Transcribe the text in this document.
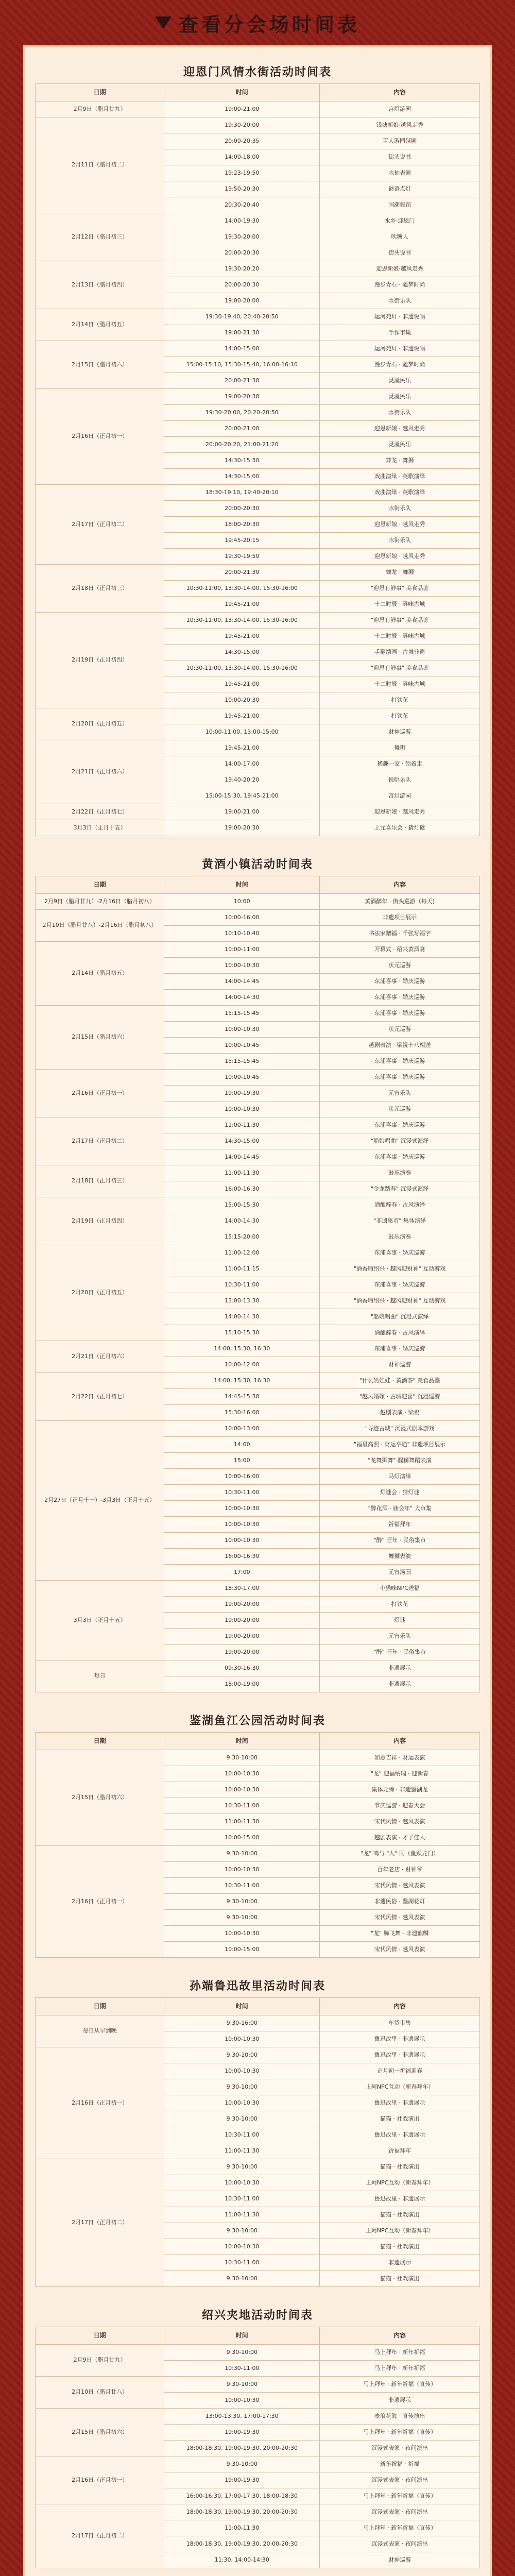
查看分会场时间表
迎恩门风情水街活动时间表
日期	时间	内容
2月9日（腊月廿九）	19:00-21:00	宫灯游园
2月11日（腊月初二）	19:30-20:00	钱塘新娘·越风走秀
	20:00-20:35	百人游园越剧
	14:00-18:00	街头说书
	19:23-19:50	水袖表演
	19:50-20:30	谜语点灯
	20:30-20:40	国潮舞蹈
2月12日（腊月初三）	14:00-19:30	水乡·迎恩门
	19:30-20:00	吹糖人
	20:00-20:30	街头说书
2月13日（腊月初四）	19:30-20:20	迎恩新娘·越风走秀
	20:00-20:30	漫步青石 · 驰梦时尚
	19:00-20:00	水街乐队
2月14日（腊月初五）	19:30-19:40, 20:40-20:50	运河苑灯 · 非遗说唱
	19:00-21:30	手作市集
2月15日（腊月初六）	14:00-15:00	运河苑灯 · 非遗说唱
	15:00-15:10, 15:30-15:40, 16:00-16:10	漫步青石 · 驰梦时尚
	20:00-21:30	灵溪民乐
2月16日（正月初一）	19:00-20:30	灵溪民乐
	19:30-20:00, 20:20-20:50	水街乐队
	20:00-21:00	迎恩新娘 · 越风走秀
	20:00-20:20, 21:00-21:20	灵溪民乐
	14:30-15:30	舞龙 · 舞狮
	14:30-15:00	戏曲演绎 · 英歌演绎
2月17日（正月初二）	18:30-19:10, 19:40-20:10	戏曲演绎 · 英歌演绎
	20:00-20:30	水街乐队
	18:00-20:30	迎恩新娘 · 越风走秀
	19:45-20:15	水街乐队
	19:30-19:50	迎恩新娘 · 越风走秀
2月18日（正月初三）	20:00-21:30	舞龙 · 舞狮
	10:30-11:00, 13:30-14:00, 15:30-16:00	"迎恩有鲜事" 美食品鉴
	19:45-21:00	十二时辰 · 寻味古城
2月19日（正月初四）	10:30-11:00, 13:30-14:00, 15:30-16:00	"迎恩有鲜事" 美食品鉴
	19:45-21:00	十二时辰 · 寻味古城
	14:30-15:00	手翻绣画 · 古城非遗
	10:30-11:00, 13:30-14:00, 15:30-16:00	"迎恩有鲜事" 美食品鉴
	19:45-21:00	十二时辰 · 寻味古城
	10:00-20:30	打铁花
2月20日（正月初五）	19:45-21:00	打铁花
	10:00-11:00, 13:00-15:00	财神巡游
2月21日（正月初六）	19:45-21:00	舞狮
	14:00-17:00	稀趣一家 · 领着走
	19:40-20:20	说唱乐队
	15:00-15:30, 19:45-21:00	宫灯游园
2月22日（正月初七）	19:00-21:00	迎恩新娘 · 越风走秀
3月3日（正月十五）	19:00-20:30	上元喜乐会 · 猜灯谜
黄酒小镇活动时间表
日期	时间	内容
2月9日（腊月廿九）-2月16日（腊月初八）	10:00	黄酒醉年 · 街头巡游（每天)
2月10日（腊月廿八）-2月16日（腊月初八）	10:00-16:00	非遗项目展示
	10:10-10:40	书法家赠福 · 千张写福字
2月14日（腊月初五）	10:00-11:00	开幕式 · 绍兴黄酒宴
	10:00-10:30	状元巡游
	14:00-14:45	东浦喜事 · 婚庆巡游
	14:00-14:30	东浦喜事 · 婚庆巡游
2月15日（腊月初六）	15:15-15:45	东浦喜事 · 婚庆巡游
	10:00-10:30	状元巡游
	10:00-10:45	越剧表演 · 梁祝十八相送
	15:15-15:45	东浦喜事 · 婚庆巡游
2月16日（正月初一）	10:00-10:45	东浦喜事 · 婚庆巡游
	19:00-19:30	元宵乐队
	10:00-10:30	状元巡游
2月17日（正月初二）	11:00-11:30	东浦喜事 · 婚庆巡游
	14:30-15:00	"船娘唱曲" 沉浸式演绎
	14:00-14:45	东浦喜事 · 婚庆巡游
2月18日（正月初三）	11:00-11:30	鼓乐演奏
	16:00-16:30	"金龙踏春" 沉浸式演绎
2月19日（正月初四）	15:00-15:30	酒酿醉春 · 古风演绎
	14:00-14:30	"非遗集市" 集体演绎
	15:15-20:00	鼓乐演奏
2月20日（正月初五）	11:00-12:00	东浦喜事 · 婚庆巡游
	11:00-11:15	"酒香嗨绍兴 · 越风迎财神" 互动游戏
	10:30-11:00	东浦喜事 · 婚庆巡游
	13:00-13:30	"酒香嗨绍兴 · 越风迎财神" 互动游戏
	14:00-14:30	"船娘唱曲" 沉浸式演绎
	15:10-15:30	酒酿醉春 · 古风演绎
2月21日（正月初六）	14:00, 15:30, 16:30	东浦喜事 · 婚庆巡游
	10:00-12:00	财神巡游
2月22日（正月初七）	14:00, 15:30, 16:30	"什么奶娃娃 · 黄酒茶" 美食品鉴
	14:45-15:30	"越风婚嫁 · 古城迎喜" 沉浸巡游
	15:30-16:00	越剧表演 · 梁祝
2月27日（正月十一）-3月3日（正月十五）	10:00-13:00	"寻迹古城" 沉浸式剧本游戏
	14:00	"福星高照 · 财运亨通" 非遗项目展示
	15:00	"龙舞狮舞" 醒狮舞蹈表演
	10:00-16:00	马灯演绎
	10:30-11:00	灯谜会 · 猜灯谜
	10:00-10:30	"醉花酒 · 庙会年" 大市集
	10:00-10:30	祈福拜年
	10:00-10:30	"醉" 旺年 · 民俗集市
	16:00-16:30	舞狮表演
	17:00	元宵汤圆
3月3日（正月十五）	18:30-17:00	小猫咪NPC送福
	19:00-20:00	打铁花
	19:00-20:00	灯谜
	19:00-20:00	元宵乐队
	19:00-20:00	"醉" 旺年 · 民俗集市
每日	09:30-16:30	非遗展示
	18:00-19:00	非遗展示
鉴湖鱼江公园活动时间表
日期	时间	内容
2月15日（腊月初六）	9:30-10:00	如意吉祥 · 财运表演
	10:00-10:30	"龙" 迎福纳瑞 · 迎新春
	10:00-10:30	集体龙腾 · 非遗鉴湖龙
	10:30-11:00	节庆巡游 · 迎春大会
	11:00-11:30	宋代风情 · 越风表演
	10:00-15:00	越剧表演 · 才子佳人
2月16日（正月初一）	9:30-10:00	"龙" 鸣与 "人" 同（鱼跃龙门）
	10:00-10:30	百年老店 · 财神爷
	10:30-11:00	宋代风情 · 越风表演
	9:30-10:00	非遗民俗 · 鉴湖花灯
	9:30-10:00	宋代风情 · 越风表演
	10:00-10:30	"龙" 腾飞舞 · 非遗麒麟
	10:00-15:00	宋代风情 · 越风表演
孙端鲁迅故里活动时间表
日期	时间	内容
每日从早到晚	9:30-16:00	年货市集
	10:00-10:30	鲁迅故里 · 非遗展示
2月16日（正月初一）	9:30-10:00	鲁迅故里 · 非遗展示
	10:00-10:30	正月初一祈福迎春
	9:30-10:00	上阿NPC互动（新春拜年）
	10:00-10:30	鲁迅故里 · 非遗展示
	9:30-10:00	猫猫 · 社戏演出
	10:30-11:00	鲁迅故里 · 非遗展示
	11:00-11:30	祈福拜年
2月17日（正月初二）	9:30-10:00	猫猫 · 社戏演出
	10:00-10:30	上阿NPC互动（新春拜年）
	10:30-11:00	鲁迅故里 · 非遗展示
	11:00-11:30	猫猫 · 社戏演出
	9:30-10:00	上阿NPC互动（新春拜年）
	10:00-10:30	猫猫 · 社戏演出
	10:30-11:00	非遗展示
	9:30-10:00	猫猫 · 社戏演出
绍兴夹地活动时间表
日期	时间	内容
2月9日（腊月廿九）	9:30-10:00	马上拜年 · 新年祈福
	10:30-11:00	马上拜年 · 新年祈福
2月10日（腊月廿八）	9:30-10:00	马上拜年 · 新年祈福（宣传）
	10:00-10:30	非遗展示
2月15日（腊月初六）	13:00-13:30, 17:00-17:30	麦浪花海 · 宣传演出
	19:00-19:30	马上拜年 · 新年祈福（宣传）
	18:00-18:30, 19:00-19:30, 20:00-20:30	沉浸式表演 · 夜间演出
2月16日（正月初一）	9:30-10:00	新年祝福 · 祈福
	19:00-19:30	沉浸式表演 · 夜间演出
	16:00-16:30, 17:00-17:30, 18:00-18:30	马上拜年 · 新年祈福（宣传）
2月17日（正月初二）	18:00-18:30, 19:00-19:30, 20:00-20:30	沉浸式表演 · 夜间演出
	11:00-11:30	马上拜年 · 新年祈福（宣传）
	18:00-18:30, 19:00-19:30, 20:00-20:30	沉浸式表演 · 夜间演出
	11:30, 14:00-14:30	财神巡游
